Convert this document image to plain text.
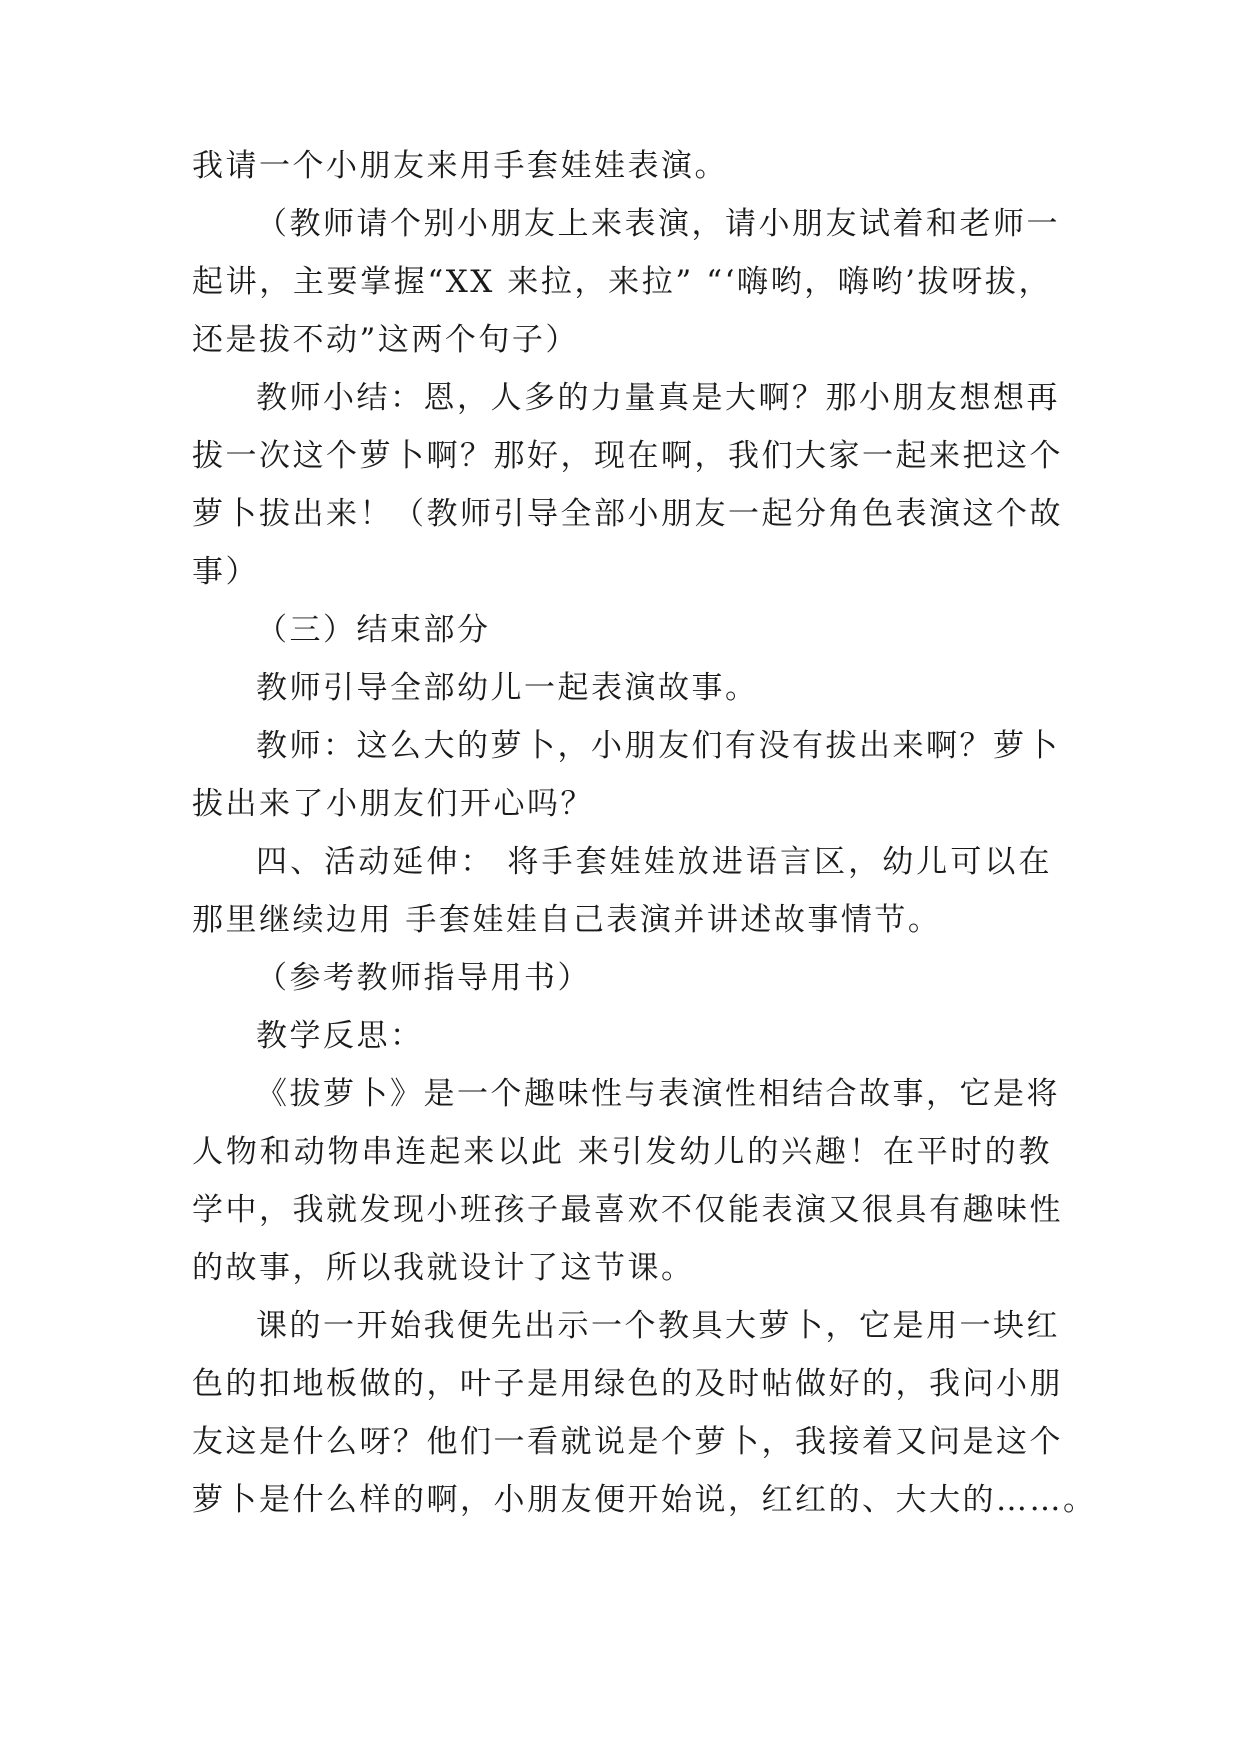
我请一个小朋友来用手套娃娃表演。
（教师请个别小朋友上来表演，请小朋友试着和老师一
起讲，主要掌握“XX 来拉，来拉” “‘嗨哟，嗨哟’拔呀拔，
还是拔不动”这两个句子）
教师小结：恩，人多的力量真是大啊？那小朋友想想再
拔一次这个萝卜啊？那好，现在啊，我们大家一起来把这个
萝卜拔出来！（教师引导全部小朋友一起分角色表演这个故
事）
（三）结束部分
教师引导全部幼儿一起表演故事。
教师：这么大的萝卜，小朋友们有没有拔出来啊？萝卜
拔出来了小朋友们开心吗？
四、活动延伸： 将手套娃娃放进语言区，幼儿可以在
那里继续边用 手套娃娃自己表演并讲述故事情节。
（参考教师指导用书）
教学反思：
《拔萝卜》是一个趣味性与表演性相结合故事，它是将
人物和动物串连起来以此 来引发幼儿的兴趣！在平时的教
学中，我就发现小班孩子最喜欢不仅能表演又很具有趣味性
的故事，所以我就设计了这节课。
课的一开始我便先出示一个教具大萝卜，它是用一块红
色的扣地板做的，叶子是用绿色的及时帖做好的，我问小朋
友这是什么呀？他们一看就说是个萝卜，我接着又问是这个
萝卜是什么样的啊，小朋友便开始说，红红的、大大的……。
